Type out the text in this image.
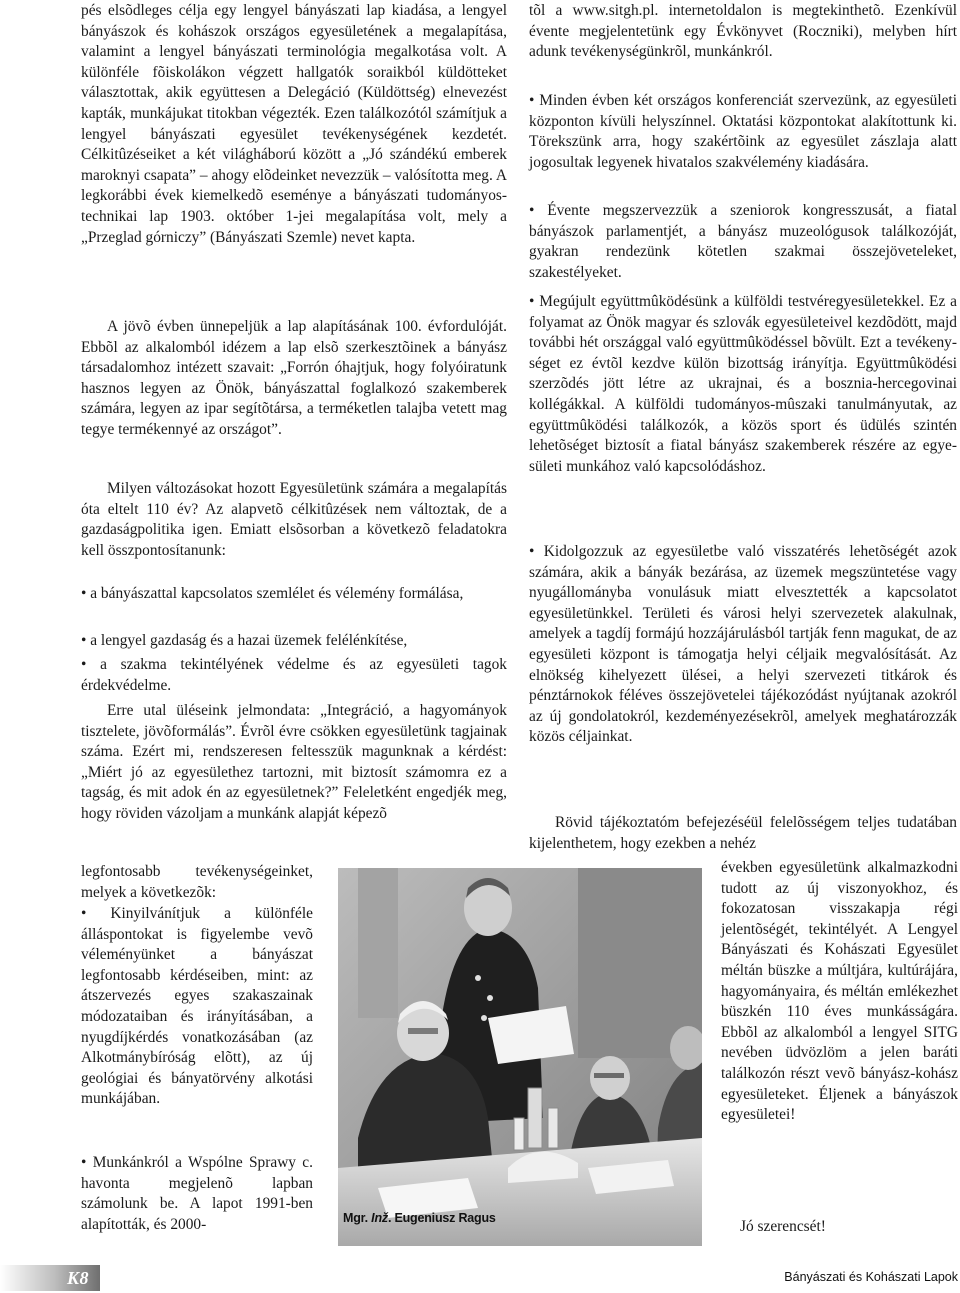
pés elsõdleges célja egy lengyel bányászati lap kiadása, a lengyel bányászok és kohászok országos egyesületének a megalapítása, valamint a lengyel bányászati terminológia megalkotása volt. A különféle fõiskolákon végzett hallgatók soraikból küldötteket választottak, akik együttesen a Delegáció (Küldöttség) elnevezést kapták, munkájukat titokban végezték. Ezen találkozótól számítjuk a lengyel bányászati egyesület tevékenységének kezdetét. Célkitûzéseiket a két világháború között a „Jó szándékú emberek maroknyi csapata” – ahogy elõdeinket nevezzük – valósította meg. A legkorábbi évek kiemelkedõ eseménye a bányászati tudományos-technikai lap 1903. október 1-jei megalapítása volt, mely a „Przeglad górniczy” (Bányászati Szemle) nevet kapta.

A jövõ évben ünnepeljük a lap alapításának 100. évfordulóját. Ebbõl az alkalomból idézem a lap elsõ szerkesztõinek a bányász társadalomhoz intézett szavait: „Forrón óhajtjuk, hogy folyóiratunk hasznos legyen az Önök, bányászattal foglalkozó szakemberek számára, legyen az ipar segítõtársa, a terméketlen talajba vetett mag tegye termékennyé az országot”.

Milyen változásokat hozott Egyesületünk számára a megalapítás óta eltelt 110 év? Az alapvetõ célkitûzések nem változtak, de a gazdaságpolitika igen. Emiatt elsõsorban a következõ feladatokra kell összpontosítanunk:

• a bányászattal kapcsolatos szemlélet és vélemény formálása,

• a lengyel gazdaság és a hazai üzemek felélénkítése,

• a szakma tekintélyének védelme és az egyesületi tagok érdekvédelme.

Erre utal üléseink jelmondata: „Integráció, a hagyományok tisztelete, jövõformálás”. Évrõl évre csökken egyesületünk tagjainak száma. Ezért mi, rendszeresen feltesszük magunknak a kérdést: „Miért jó az egyesülethez tartozni, mit biztosít számomra ez a tagság, és mit adok én az egyesületnek?” Feleletként engedjék meg, hogy röviden vázoljam a munkánk alapját képezõ

legfontosabb tevékenységeinket, melyek a következõk:

• Kinyilvánítjuk a különféle álláspontokat is figyelembe vevõ véleményünket a bányászat legfontosabb kérdéseiben, mint: az átszervezés egyes szakaszainak módozataiban és irányításában, a nyugdíjkérdés vonatkozásában (az Alkotmánybíróság elõtt), az új geológiai és bányatörvény alkotási munkájában.

• Munkánkról a Wspólne Sprawy c. havonta megjelenõ lapban számolunk be. A lapot 1991-ben alapították, és 2000-

tõl a www.sitgh.pl. internetoldalon is megtekinthetõ. Ezenkívül évente megjelentetünk egy Évkönyvet (Roczniki), melyben hírt adunk tevékenységünkrõl, munkánkról.

• Minden évben két országos konferenciát szervezünk, az egyesületi központon kívüli helyszínnel. Oktatási központokat alakítottunk ki. Törekszünk arra, hogy szakértõink az egyesület zászlaja alatt jogosultak legyenek hivatalos szakvélemény kiadására.

• Évente megszervezzük a szeniorok kongresszusát, a fiatal bányászok parlamentjét, a bányász muzeológusok találkozóját, gyakran rendezünk kötetlen szakmai összejöveteleket, szakestélyeket.

• Megújult együttmûködésünk a külföldi testvéregyesületekkel. Ez a folyamat az Önök magyar és szlovák egyesületeivel kezdõdött, majd további hét országgal való együttmûködéssel bõvült. Ezt a tevékenységet ez évtõl kezdve külön bizottság irányítja. Együttmûködési szerzõdés jött létre az ukrajnai, és a bosznia-hercegovinai kollégákkal. A külföldi tudományos-mûszaki tanulmányutak, az együttmûködési találkozók, a közös sport és üdülés szintén lehetõséget biztosít a fiatal bányász szakemberek részére az egyesületi munkához való kapcsolódáshoz.

• Kidolgozzuk az egyesületbe való visszatérés lehetõségét azok számára, akik a bányák bezárása, az üzemek megszüntetése vagy nyugállományba vonulásuk miatt elvesztették a kapcsolatot egyesületünkkel. Területi és városi helyi szervezetek alakulnak, amelyek a tagdíj formájú hozzájárulásból tartják fenn magukat, de az egyesületi központ is támogatja helyi céljaik megvalósítását. Az elnökség kihelyezett ülései, a helyi szervezeti titkárok és pénztárnokok féléves összejövetelei tájékozódást nyújtanak azokról az új gondolatokról, kezdeményezésekrõl, amelyek meghatározzák közös céljainkat.

Rövid tájékoztatóm befejezéséül felelõsségem teljes tudatában kijelenthetem, hogy ezekben a nehéz

években egyesületünk alkalmazkodni tudott az új viszonyokhoz, és fokozatosan visszakapja régi jelentõségét, tekintélyét. A Lengyel Bányászati és Kohászati Egyesület méltán büszke a múltjára, kultúrájára, hagyományaira, és méltán emlékezhet büszkén 110 éves munkásságára. Ebbõl az alkalomból a lengyel SITG nevében üdvözlöm a jelen baráti találkozón részt vevõ bányász-kohász egyesületeket. Éljenek a bányászok egyesületei!

Jó szerencsét!

Mgr. Inž. Eugeniusz Ragus
K8	Bányászati és Kohászati Lapok
